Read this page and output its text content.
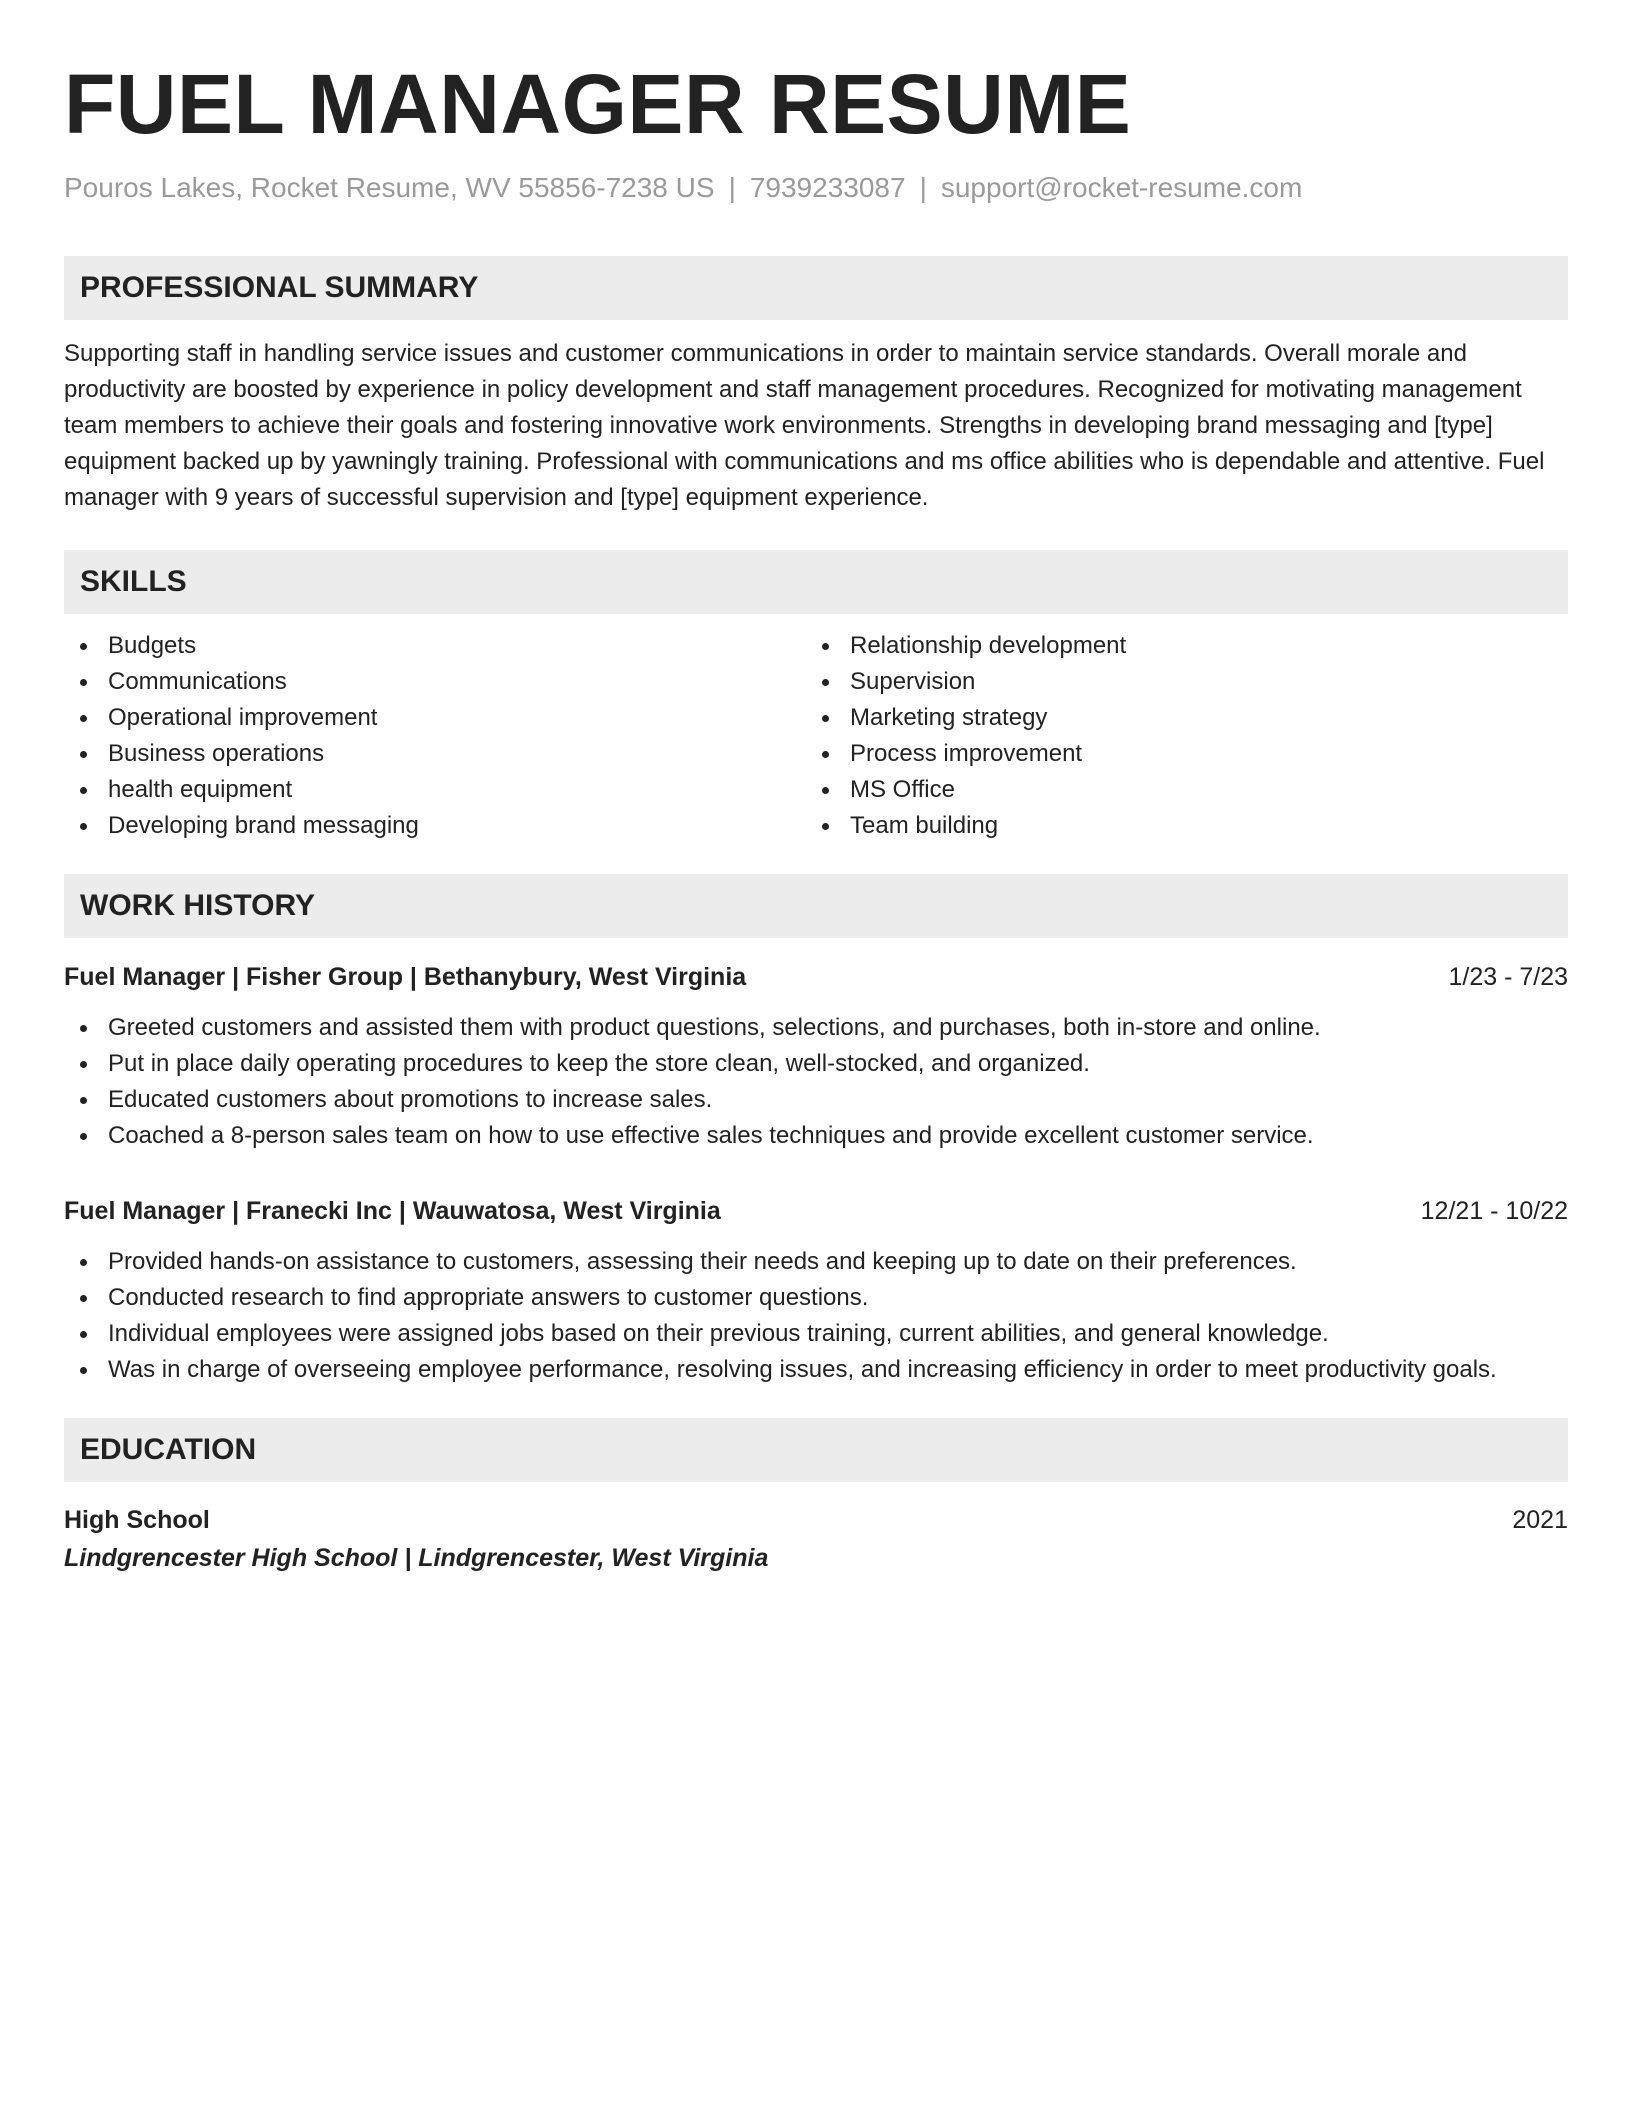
FUEL MANAGER RESUME
Pouros Lakes, Rocket Resume, WV 55856-7238 US | 7939233087 | support@rocket-resume.com
PROFESSIONAL SUMMARY
Supporting staff in handling service issues and customer communications in order to maintain service standards. Overall morale and productivity are boosted by experience in policy development and staff management procedures. Recognized for motivating management team members to achieve their goals and fostering innovative work environments. Strengths in developing brand messaging and [type] equipment backed up by yawningly training. Professional with communications and ms office abilities who is dependable and attentive. Fuel manager with 9 years of successful supervision and [type] equipment experience.
SKILLS
Budgets
Communications
Operational improvement
Business operations
health equipment
Developing brand messaging
Relationship development
Supervision
Marketing strategy
Process improvement
MS Office
Team building
WORK HISTORY
Fuel Manager | Fisher Group | Bethanybury, West Virginia	1/23 - 7/23
Greeted customers and assisted them with product questions, selections, and purchases, both in-store and online.
Put in place daily operating procedures to keep the store clean, well-stocked, and organized.
Educated customers about promotions to increase sales.
Coached a 8-person sales team on how to use effective sales techniques and provide excellent customer service.
Fuel Manager | Franecki Inc | Wauwatosa, West Virginia	12/21 - 10/22
Provided hands-on assistance to customers, assessing their needs and keeping up to date on their preferences.
Conducted research to find appropriate answers to customer questions.
Individual employees were assigned jobs based on their previous training, current abilities, and general knowledge.
Was in charge of overseeing employee performance, resolving issues, and increasing efficiency in order to meet productivity goals.
EDUCATION
High School	2021
Lindgrencester High School | Lindgrencester, West Virginia
